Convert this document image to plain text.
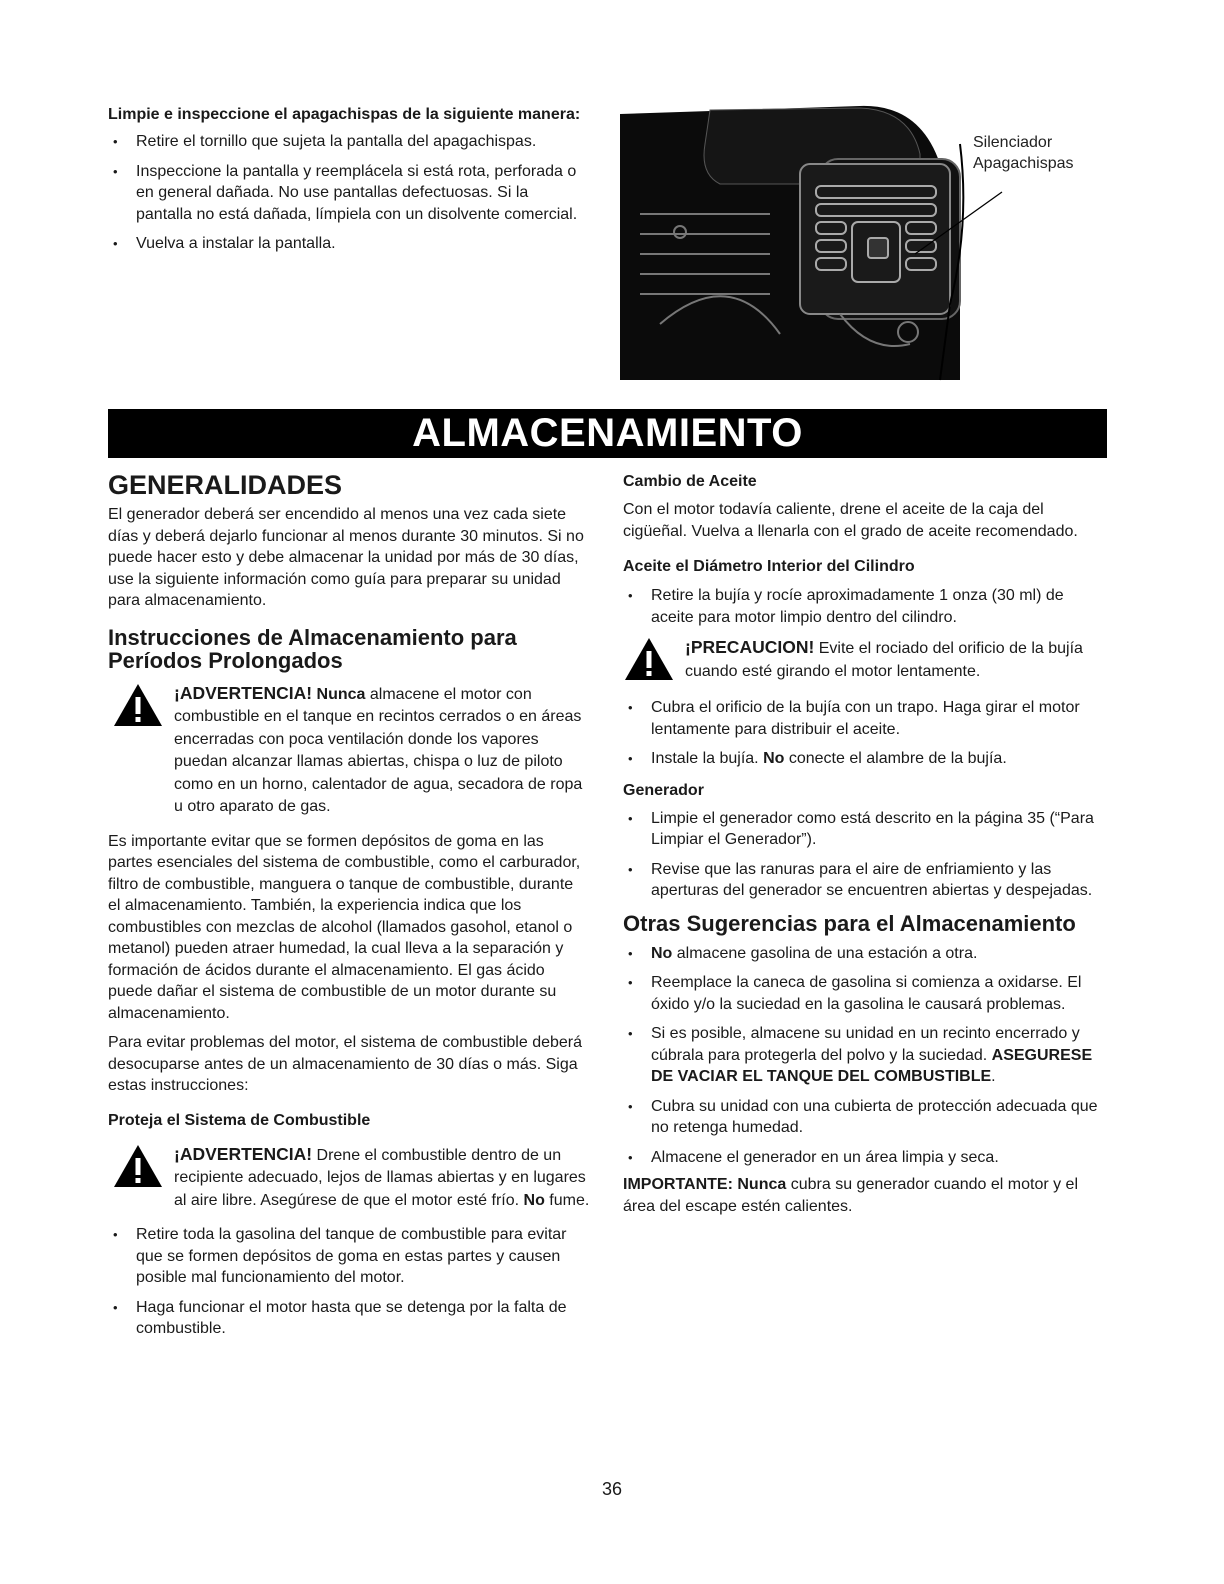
Limpie e inspeccione el apagachispas de la siguiente manera:
• Retire el tornillo que sujeta la pantalla del apagachispas.
• Inspeccione la pantalla y reemplácela si está rota, perforada o en general dañada. No use pantallas defectuosas. Si la pantalla no está dañada, límpiela con un disolvente comercial.
• Vuelva a instalar la pantalla.
Silenciador
Apagachispas
ALMACENAMIENTO
GENERALIDADES
El generador deberá ser encendido al menos una vez cada siete días y deberá dejarlo funcionar al menos durante 30 minutos. Si no puede hacer esto y debe almacenar la unidad por más de 30 días, use la siguiente información como guía para preparar su unidad para almacenamiento.
Instrucciones de Almacenamiento para Períodos Prolongados
¡ADVERTENCIA! Nunca almacene el motor con combustible en el tanque en recintos cerrados o en áreas encerradas con poca ventilación donde los vapores puedan alcanzar llamas abiertas, chispa o luz de piloto como en un horno, calentador de agua, secadora de ropa u otro aparato de gas.
Es importante evitar que se formen depósitos de goma en las partes esenciales del sistema de combustible, como el carburador, filtro de combustible, manguera o tanque de combustible, durante el almacenamiento. También, la experiencia indica que los combustibles con mezclas de alcohol (llamados gasohol, etanol o metanol) pueden atraer humedad, la cual lleva a la separación y formación de ácidos durante el almacenamiento. El gas ácido puede dañar el sistema de combustible de un motor durante su almacenamiento.
Para evitar problemas del motor, el sistema de combustible deberá desocuparse antes de un almacenamiento de 30 días o más. Siga estas instrucciones:
Proteja el Sistema de Combustible
¡ADVERTENCIA! Drene el combustible dentro de un recipiente adecuado, lejos de llamas abiertas y en lugares al aire libre. Asegúrese de que el motor esté frío. No fume.
• Retire toda la gasolina del tanque de combustible para evitar que se formen depósitos de goma en estas partes y causen posible mal funcionamiento del motor.
• Haga funcionar el motor hasta que se detenga por la falta de combustible.
Cambio de Aceite
Con el motor todavía caliente, drene el aceite de la caja del cigüeñal. Vuelva a llenarla con el grado de aceite recomendado.
Aceite el Diámetro Interior del Cilindro
• Retire la bujía y rocíe aproximadamente 1 onza (30 ml) de aceite para motor limpio dentro del cilindro.
¡PRECAUCION! Evite el rociado del orificio de la bujía cuando esté girando el motor lentamente.
• Cubra el orificio de la bujía con un trapo. Haga girar el motor lentamente para distribuir el aceite.
• Instale la bujía. No conecte el alambre de la bujía.
Generador
• Limpie el generador como está descrito en la página 35 (“Para Limpiar el Generador”).
• Revise que las ranuras para el aire de enfriamiento y las aperturas del generador se encuentren abiertas y despejadas.
Otras Sugerencias para el Almacenamiento
• No almacene gasolina de una estación a otra.
• Reemplace la caneca de gasolina si comienza a oxidarse. El óxido y/o la suciedad en la gasolina le causará problemas.
• Si es posible, almacene su unidad en un recinto encerrado y cúbrala para protegerla del polvo y la suciedad. ASEGURESE DE VACIAR EL TANQUE DEL COMBUSTIBLE.
• Cubra su unidad con una cubierta de protección adecuada que no retenga humedad.
• Almacene el generador en un área limpia y seca.
IMPORTANTE: Nunca cubra su generador cuando el motor y el área del escape estén calientes.
36
